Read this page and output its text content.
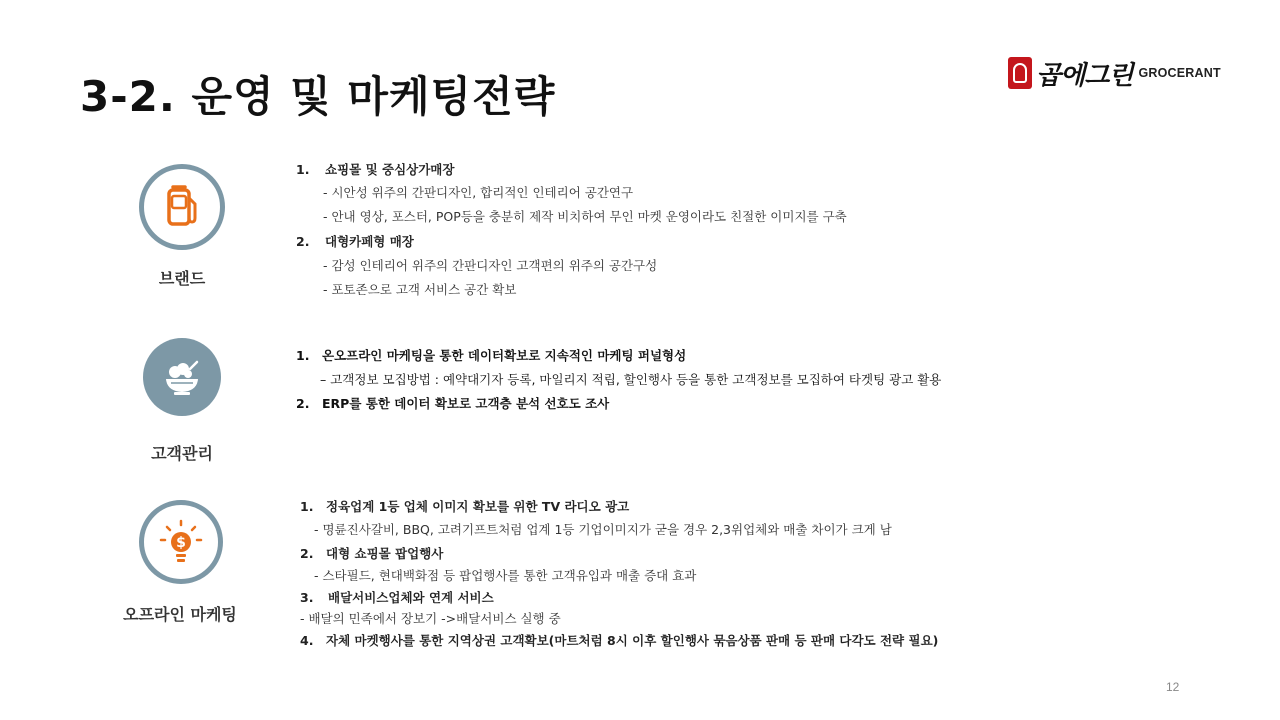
3-2. 운영 및 마케팅전략	곱에그린 GROCERANT
브랜드
1. 쇼핑몰 및 중심상가매장
- 시안성 위주의 간판디자인, 합리적인 인테리어 공간연구
- 안내 영상, 포스터, POP등을 충분히 제작 비치하여 무인 마켓 운영이라도 친절한 이미지를 구축
2. 대형카페형 매장
- 감성 인테리어 위주의 간판디자인 고객편의 위주의 공간구성
- 포토존으로 고객 서비스 공간 확보
고객관리
1. 온오프라인 마케팅을 통한 데이터확보로 지속적인 마케팅 퍼널형성
– 고객정보 모집방법 : 예약대기자 등록, 마일리지 적립, 할인행사 등을 통한 고객정보를 모집하여 타겟팅 광고 활용
2. ERP를 통한 데이터 확보로 고객층 분석 선호도 조사
$
오프라인 마케팅
1. 정육업계 1등 업체 이미지 확보를 위한 TV 라디오 광고
- 명륜진사갈비, BBQ, 고려기프트처럼 업계 1등 기업이미지가 굳을 경우 2,3위업체와 매출 차이가 크게 남
2. 대형 쇼핑몰 팝업행사
- 스타필드, 현대백화점 등 팝업행사를 통한 고객유입과 매출 증대 효과
3. 배달서비스업체와 연계 서비스
- 배달의 민족에서 장보기 ->배달서비스 실행 중
4. 자체 마켓행사를 통한 지역상권 고객확보(마트처럼 8시 이후 할인행사 묶음상품 판매 등 판매 다각도 전략 필요)
12
